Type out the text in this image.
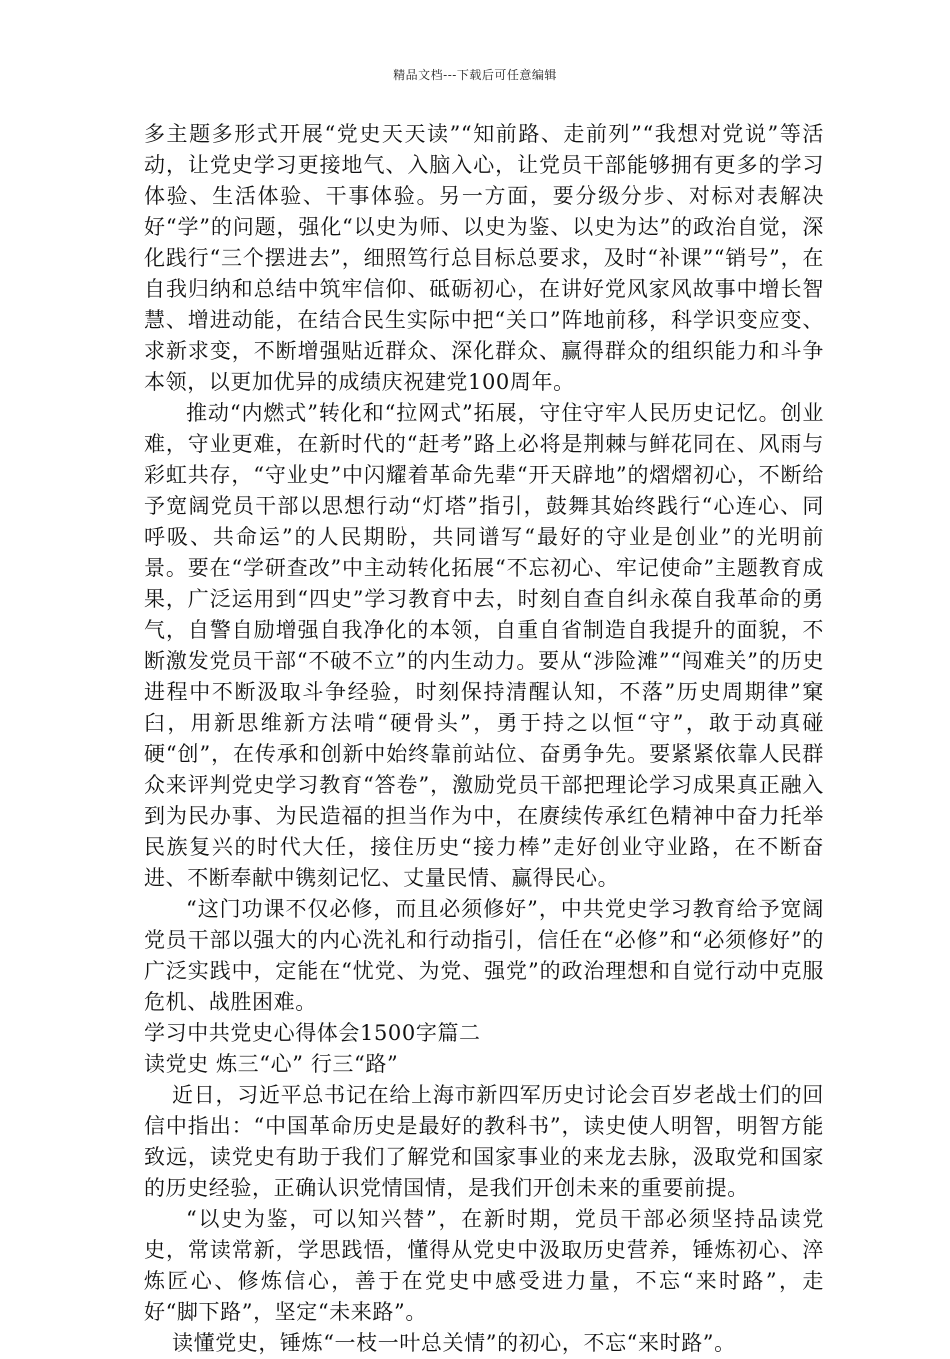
精品文档---下载后可任意编辑

多主题多形式开展“党史天天读”“知前路、走前列”“我想对党说”等活动，让党史学习更接地气、入脑入心，让党员干部能够拥有更多的学习体验、生活体验、干事体验。另一方面，要分级分步、对标对表解决好“学”的问题，强化“以史为师、以史为鉴、以史为达”的政治自觉，深化践行“三个摆进去”，细照笃行总目标总要求，及时“补课”“销号”，在自我归纳和总结中筑牢信仰、砥砺初心，在讲好党风家风故事中增长智慧、增进动能，在结合民生实际中把“关口”阵地前移，科学识变应变、求新求变，不断增强贴近群众、深化群众、赢得群众的组织能力和斗争本领，以更加优异的成绩庆祝建党100周年。

推动“内燃式”转化和“拉网式”拓展，守住守牢人民历史记忆。创业难，守业更难，在新时代的“赶考”路上必将是荆棘与鲜花同在、风雨与彩虹共存，“守业史”中闪耀着革命先辈“开天辟地”的熠熠初心，不断给予宽阔党员干部以思想行动“灯塔”指引，鼓舞其始终践行“心连心、同呼吸、共命运”的人民期盼，共同谱写“最好的守业是创业”的光明前景。要在“学研查改”中主动转化拓展“不忘初心、牢记使命”主题教育成果，广泛运用到“四史”学习教育中去，时刻自查自纠永葆自我革命的勇气，自警自励增强自我净化的本领，自重自省制造自我提升的面貌，不断激发党员干部“不破不立”的内生动力。要从“涉险滩”“闯难关”的历史进程中不断汲取斗争经验，时刻保持清醒认知，不落”历史周期律”窠臼，用新思维新方法啃“硬骨头”，勇于持之以恒“守”，敢于动真碰硬“创”，在传承和创新中始终靠前站位、奋勇争先。要紧紧依靠人民群众来评判党史学习教育“答卷”，激励党员干部把理论学习成果真正融入到为民办事、为民造福的担当作为中，在赓续传承红色精神中奋力托举民族复兴的时代大任，接住历史“接力棒”走好创业守业路，在不断奋进、不断奉献中镌刻记忆、丈量民情、赢得民心。

“这门功课不仅必修，而且必须修好”，中共党史学习教育给予宽阔党员干部以强大的内心洗礼和行动指引，信任在“必修”和“必须修好”的广泛实践中，定能在“忧党、为党、强党”的政治理想和自觉行动中克服危机、战胜困难。

学习中共党史心得体会1500字篇二

读党史 炼三“心” 行三“路”

近日，习近平总书记在给上海市新四军历史讨论会百岁老战士们的回信中指出：“中国革命历史是最好的教科书”，读史使人明智，明智方能致远，读党史有助于我们了解党和国家事业的来龙去脉，汲取党和国家的历史经验，正确认识党情国情，是我们开创未来的重要前提。

“以史为鉴，可以知兴替”，在新时期，党员干部必须坚持品读党史，常读常新，学思践悟，懂得从党史中汲取历史营养，锤炼初心、淬炼匠心、修炼信心，善于在党史中感受进力量，不忘“来时路”，走好“脚下路”，坚定“未来路”。

读懂党史，锤炼“一枝一叶总关情”的初心，不忘“来时路”。
